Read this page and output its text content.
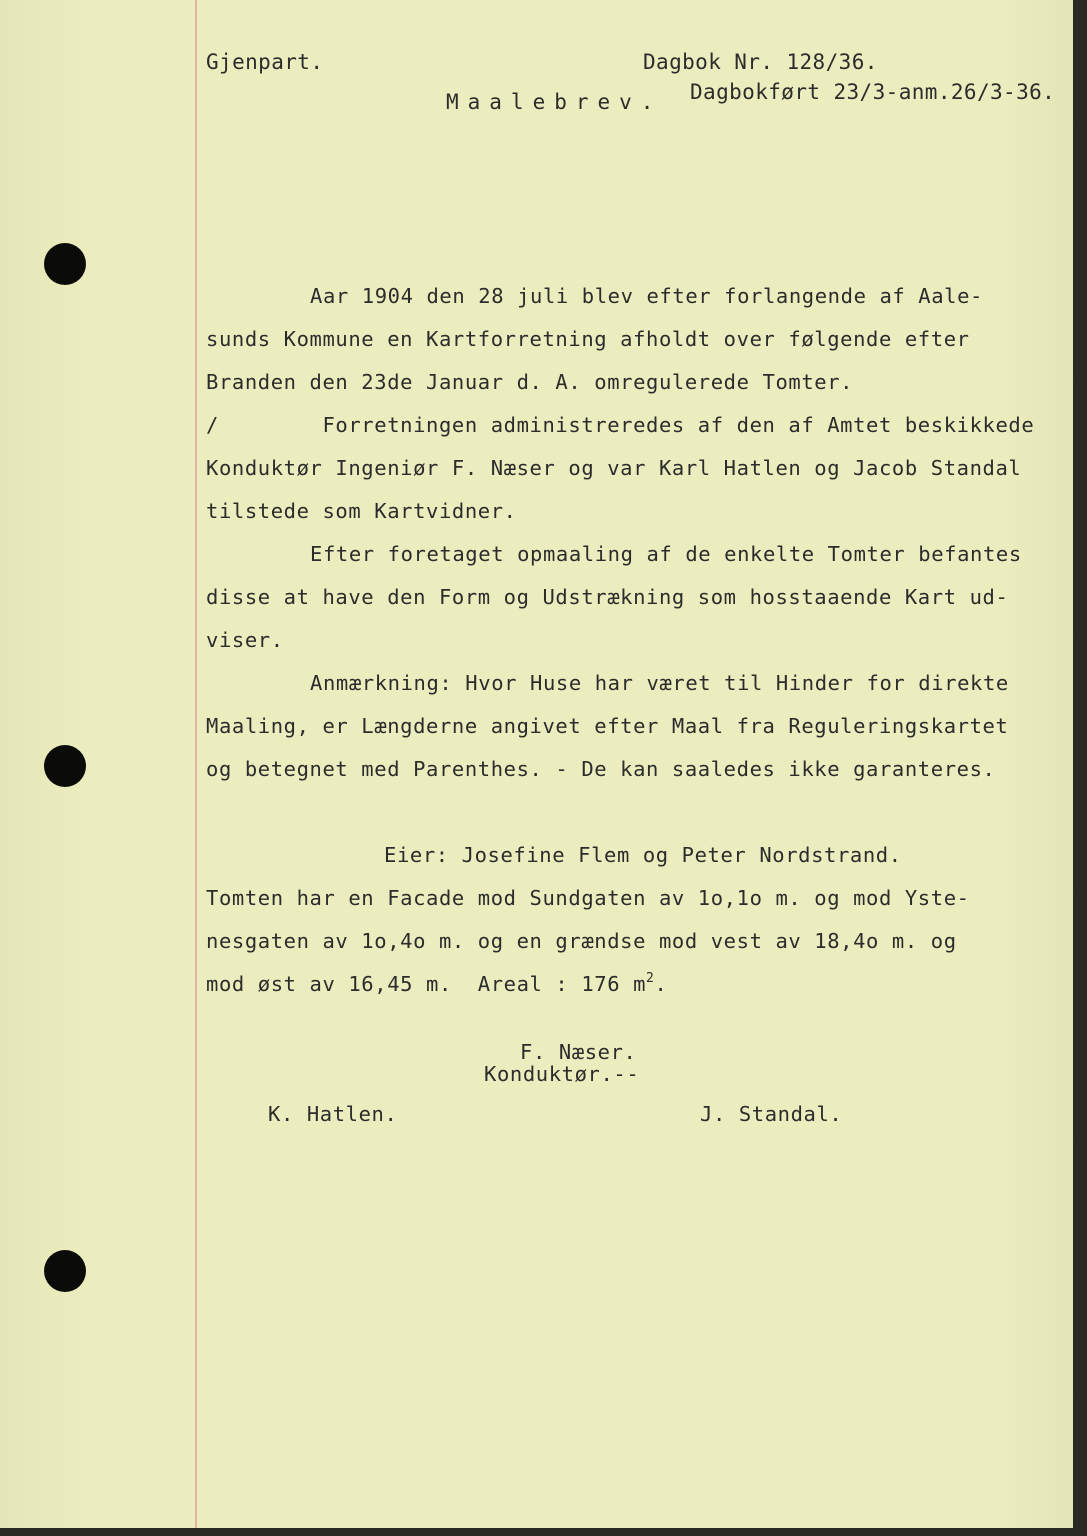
Gjenpart.	Dagbok Nr. 128/36.
Dagbokført 23/3-anm.26/3-36.
Maalebrev.
Aar 1904 den 28 juli blev efter forlangende af Aale-
sunds Kommune en Kartforretning afholdt over følgende efter
Branden den 23de Januar d. A. omregulerede Tomter.
/        Forretningen administreredes af den af Amtet beskikkede
Konduktør Ingeniør F. Næser og var Karl Hatlen og Jacob Standal
tilstede som Kartvidner.
Efter foretaget opmaaling af de enkelte Tomter befantes
disse at have den Form og Udstrækning som hosstaaende Kart ud-
viser.
Anmærkning: Hvor Huse har været til Hinder for direkte
Maaling, er Længderne angivet efter Maal fra Reguleringskartet
og betegnet med Parenthes. - De kan saaledes ikke garanteres.
Eier: Josefine Flem og Peter Nordstrand.
Tomten har en Facade mod Sundgaten av 1o,1o m. og mod Yste-
nesgaten av 1o,4o m. og en grændse mod vest av 18,4o m. og
mod øst av 16,45 m.  Areal : 176 $m^2$.
F. Næser.
Konduktør.--
K. Hatlen.	J. Standal.
